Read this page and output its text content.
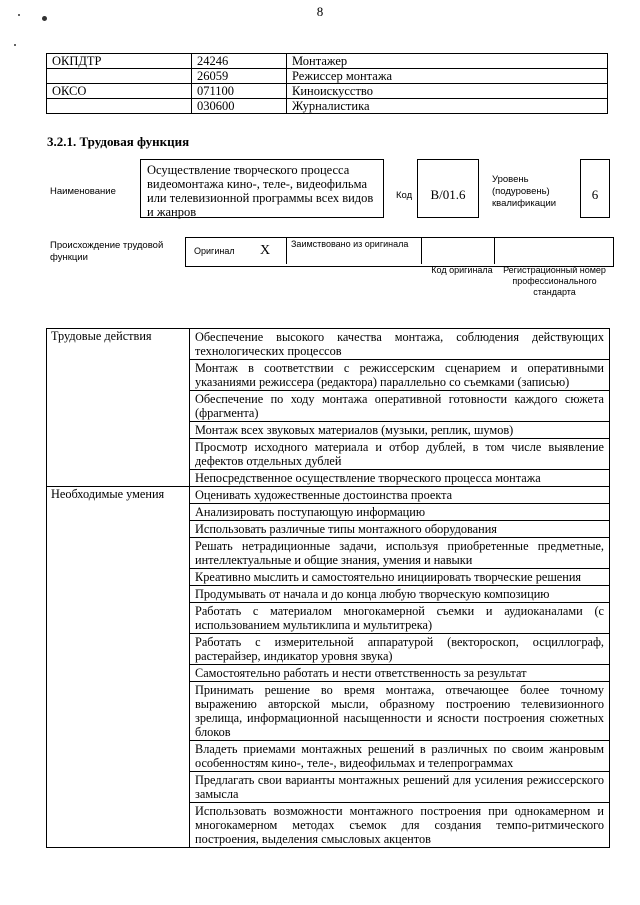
8
ОКПДТР	24246	Монтажер
	26059	Режиссер монтажа
ОКСО	071100	Киноискусство
	030600	Журналистика
3.2.1. Трудовая функция
Наименование
Осуществление творческого процесса видеомонтажа кино-, теле-, видеофильма или телевизионной программы всех видов и жанров
Код	B/01.6
Уровень (подуровень) квалификации
6
Происхождение трудовой функции
Оригинал X Заимствовано из оригинала
Код оригинала	Регистрационный номер профессионального стандарта
Трудовые действия	Обеспечение высокого качества монтажа, соблюдения действующих технологических процессов
	Монтаж в соответствии с режиссерским сценарием и оперативными указаниями режиссера (редактора) параллельно со съемками (записью)
	Обеспечение по ходу монтажа оперативной готовности каждого сюжета (фрагмента)
	Монтаж всех звуковых материалов (музыки, реплик, шумов)
	Просмотр исходного материала и отбор дублей, в том числе выявление дефектов отдельных дублей
	Непосредственное осуществление творческого процесса монтажа
Необходимые умения	Оценивать художественные достоинства проекта
	Анализировать поступающую информацию
	Использовать различные типы монтажного оборудования
	Решать нетрадиционные задачи, используя приобретенные предметные, интеллектуальные и общие знания, умения и навыки
	Креативно мыслить и самостоятельно инициировать творческие решения
	Продумывать от начала и до конца любую творческую композицию
	Работать с материалом многокамерной съемки и аудиоканалами (с использованием мультиклипа и мультитрека)
	Работать с измерительной аппаратурой (вектороскоп, осциллограф, растерайзер, индикатор уровня звука)
	Самостоятельно работать и нести ответственность за результат
	Принимать решение во время монтажа, отвечающее более точному выражению авторской мысли, образному построению телевизионного зрелища, информационной насыщенности и ясности построения сюжетных блоков
	Владеть приемами монтажных решений в различных по своим жанровым особенностям кино-, теле-, видеофильмах и телепрограммах
	Предлагать свои варианты монтажных решений для усиления режиссерского замысла
	Использовать возможности монтажного построения при однокамерном и многокамерном методах съемок для создания темпо-ритмического построения, выделения смысловых акцентов
